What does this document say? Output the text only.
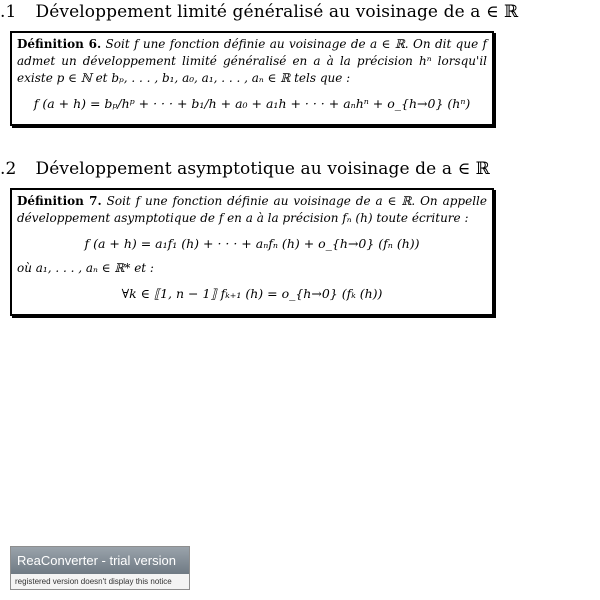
.1 Développement limité généralisé au voisinage de a ∈ ℝ
Définition 6. Soit f une fonction définie au voisinage de a ∈ ℝ. On dit que f admet un développement limité généralisé en a à la précision hⁿ lorsqu'il existe p ∈ ℕ et bₚ, . . . , b₁, a₀, a₁, . . . , aₙ ∈ ℝ tels que :
f (a + h) = bₚ/hᵖ + · · · + b₁/h + a₀ + a₁h + · · · + aₙhⁿ + o_{h→0} (hⁿ)
.2 Développement asymptotique au voisinage de a ∈ ℝ
Définition 7. Soit f une fonction définie au voisinage de a ∈ ℝ. On appelle développement asymptotique de f en a à la précision fₙ (h) toute écriture :
f (a + h) = a₁f₁ (h) + · · · + aₙfₙ (h) + o_{h→0} (fₙ (h))
où a₁, . . . , aₙ ∈ ℝ* et :
∀k ∈ ⟦1, n − 1⟧ fₖ₊₁ (h) = o_{h→0} (fₖ (h))
ReaConverter - trial version
registered version doesn't display this notice
